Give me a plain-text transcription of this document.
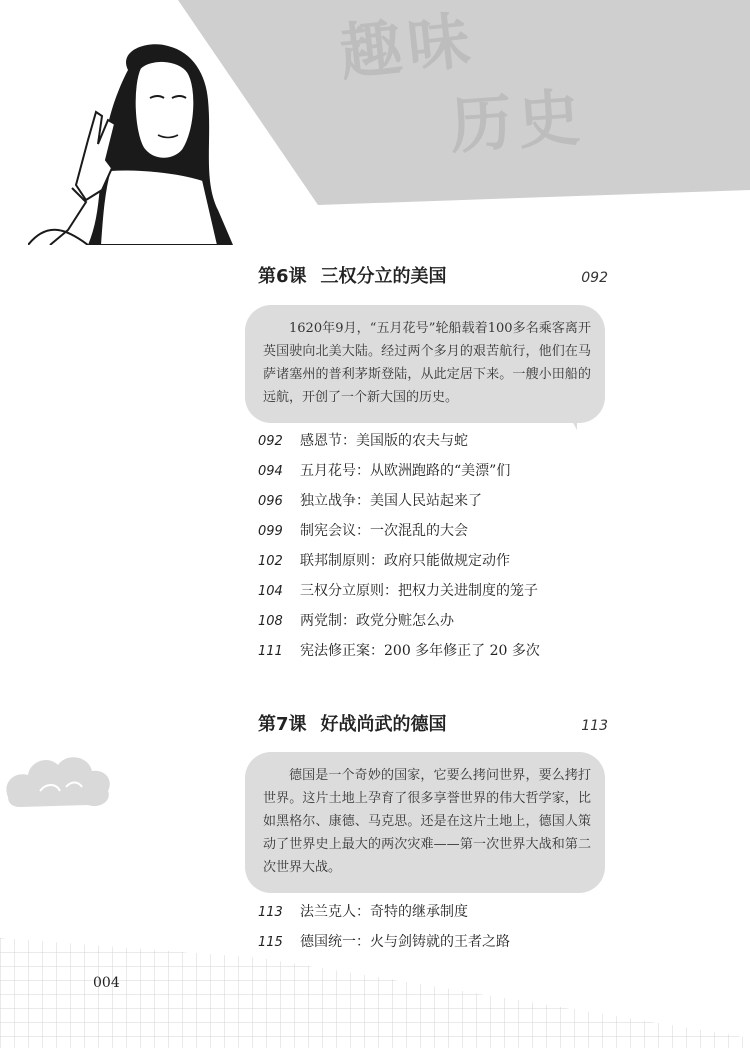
趣味
历史
第6课 三权分立的美国	092
1620年9月，“五月花号”轮船载着100多名乘客离开英国驶向北美大陆。经过两个多月的艰苦航行，他们在马萨诸塞州的普利茅斯登陆，从此定居下来。一艘小田船的远航，开创了一个新大国的历史。
092	感恩节：美国版的农夫与蛇
094	五月花号：从欧洲跑路的“美漂”们
096	独立战争：美国人民站起来了
099	制宪会议：一次混乱的大会
102	联邦制原则：政府只能做规定动作
104	三权分立原则：把权力关进制度的笼子
108	两党制：政党分赃怎么办
111	宪法修正案：200 多年修正了 20 多次
第7课 好战尚武的德国	113
德国是一个奇妙的国家，它要么拷问世界，要么拷打世界。这片土地上孕育了很多享誉世界的伟大哲学家，比如黑格尔、康德、马克思。还是在这片土地上，德国人策动了世界史上最大的两次灾难——第一次世界大战和第二次世界大战。
113	法兰克人：奇特的继承制度
115	德国统一：火与剑铸就的王者之路
004
